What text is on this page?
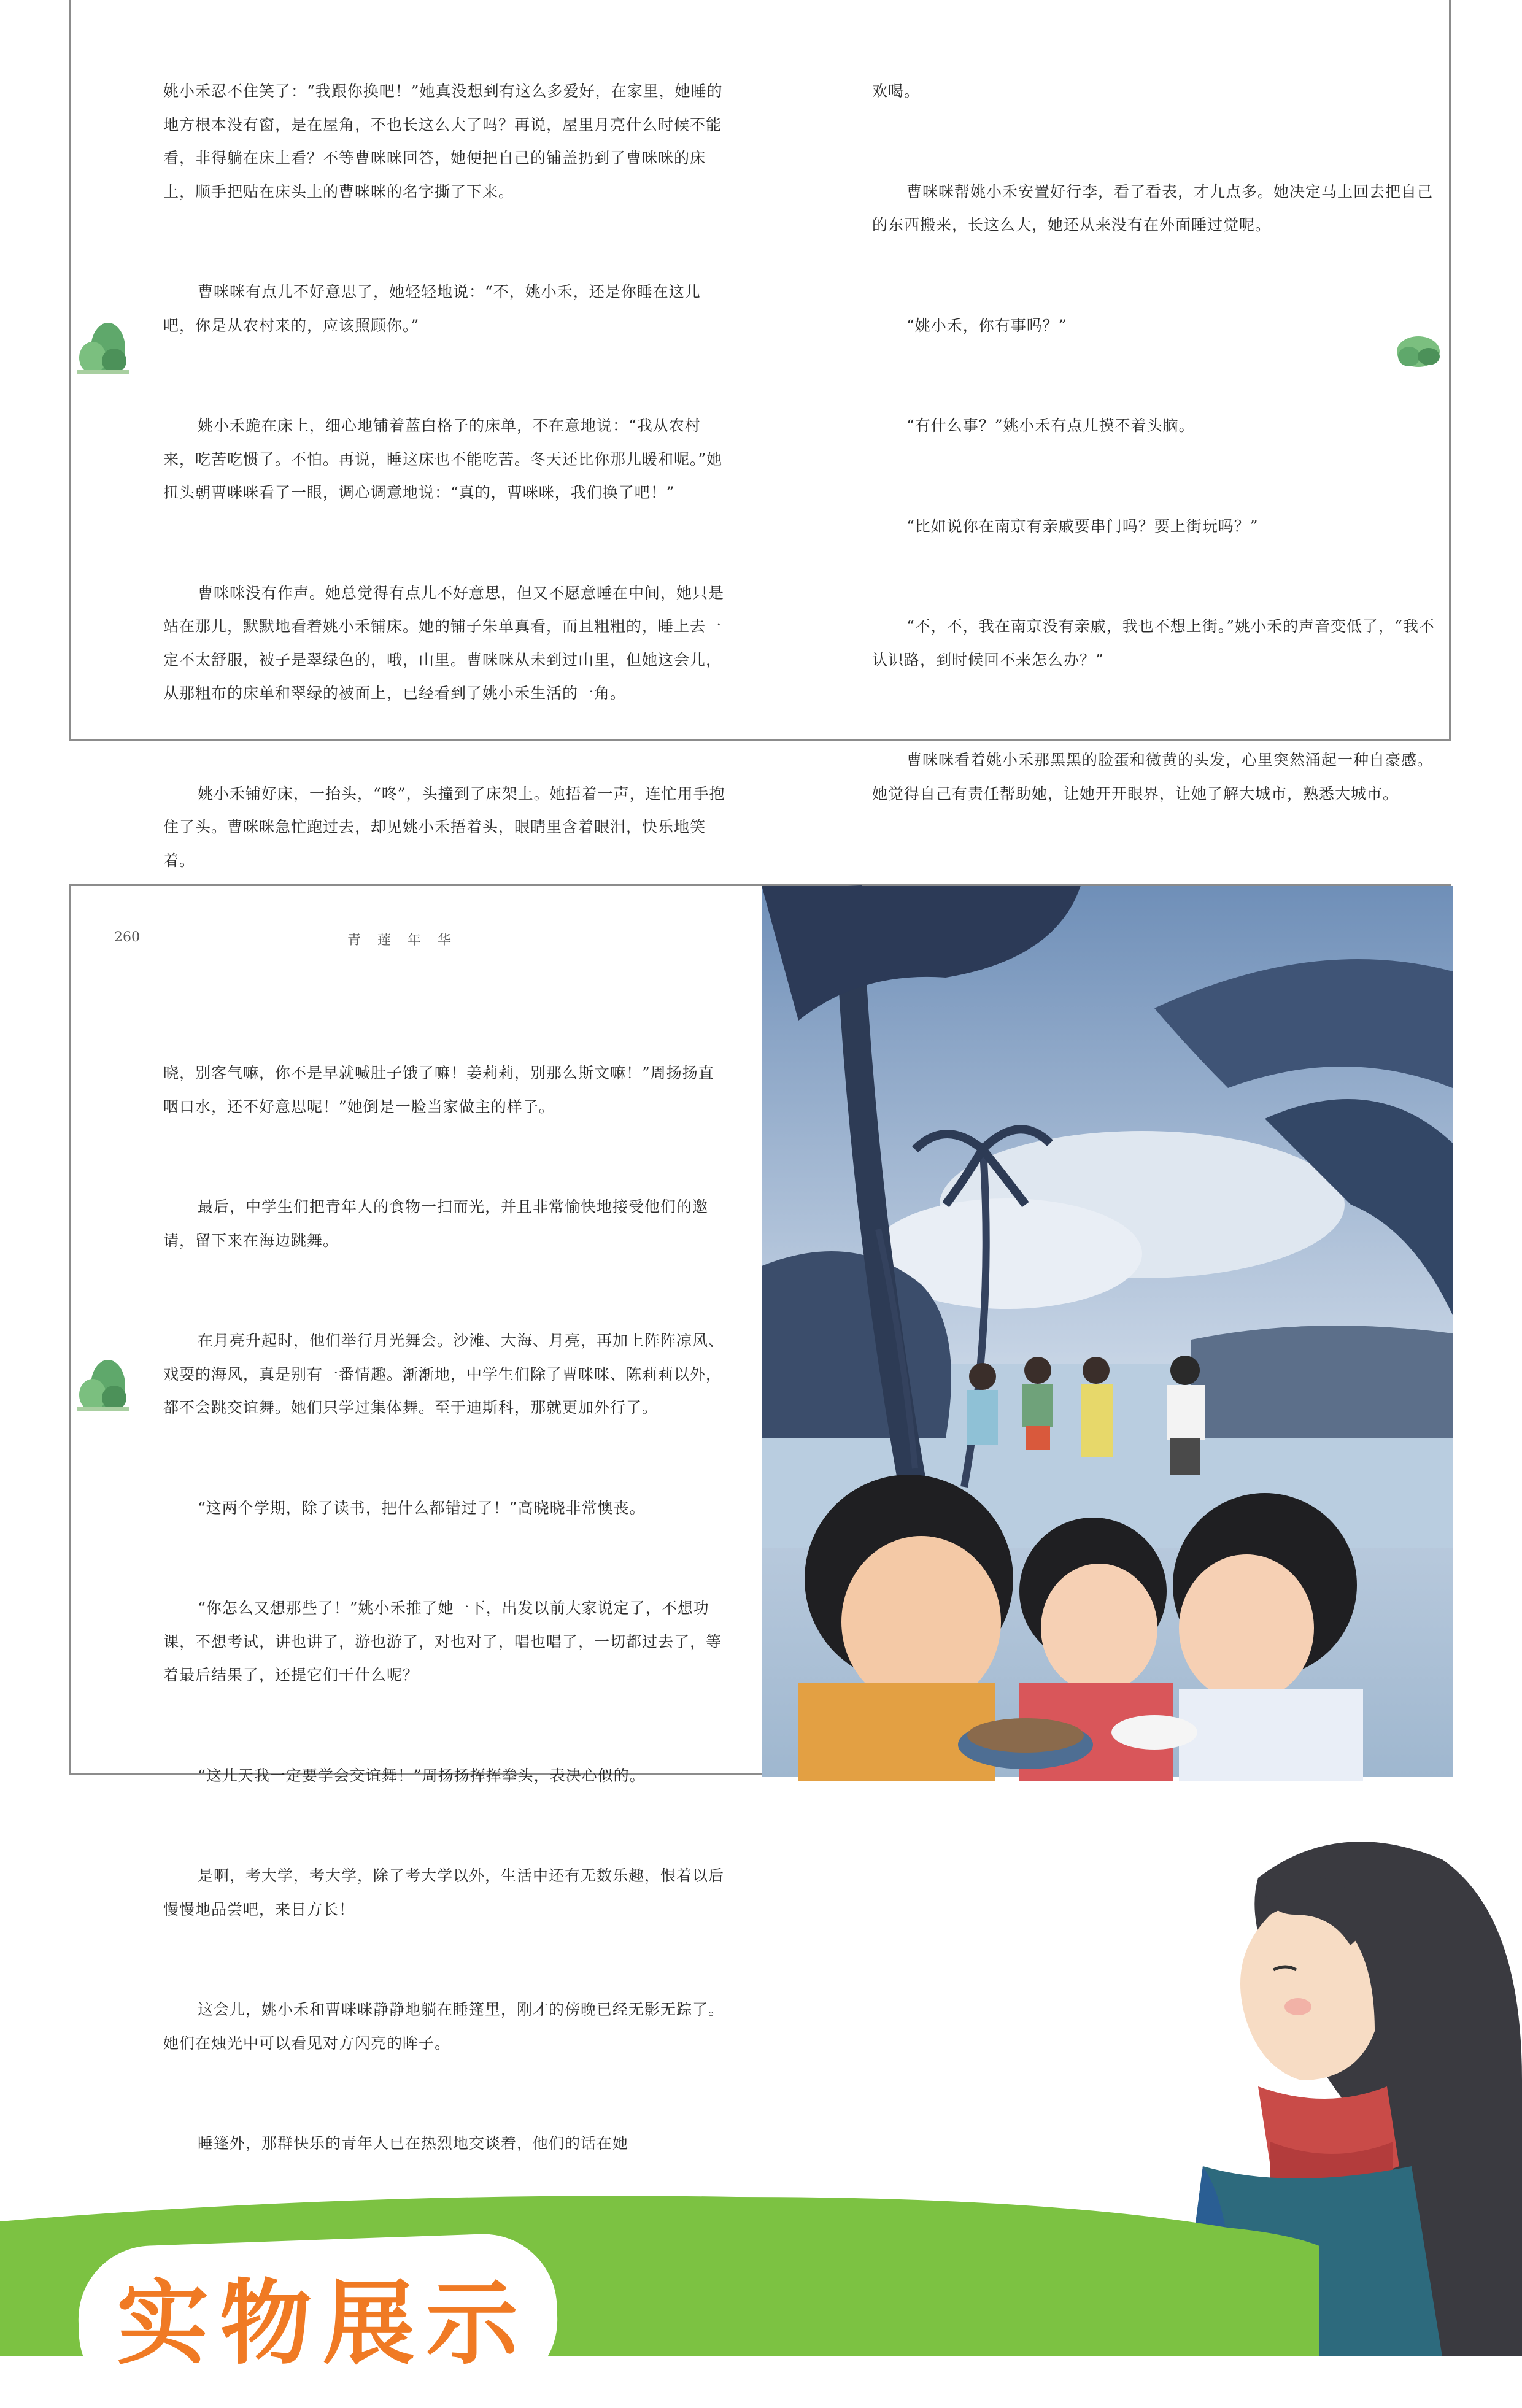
姚小禾忍不住笑了：“我跟你换吧！”她真没想到有这么多爱好，在家里，她睡的地方根本没有窗，是在屋角，不也长这么大了吗？再说，屋里月亮什么时候不能看，非得躺在床上看？不等曹咪咪回答，她便把自己的铺盖扔到了曹咪咪的床上，顺手把贴在床头上的曹咪咪的名字撕了下来。

曹咪咪有点儿不好意思了，她轻轻地说：“不，姚小禾，还是你睡在这儿吧，你是从农村来的，应该照顾你。”

姚小禾跪在床上，细心地铺着蓝白格子的床单，不在意地说：“我从农村来，吃苦吃惯了。不怕。再说，睡这床也不能吃苦。冬天还比你那儿暖和呢。”她扭头朝曹咪咪看了一眼，调心调意地说：“真的，曹咪咪，我们换了吧！”

曹咪咪没有作声。她总觉得有点儿不好意思，但又不愿意睡在中间，她只是站在那儿，默默地看着姚小禾铺床。她的铺子朱单真看，而且粗粗的，睡上去一定不太舒服，被子是翠绿色的，哦，山里。曹咪咪从未到过山里，但她这会儿，从那粗布的床单和翠绿的被面上，已经看到了姚小禾生活的一角。

姚小禾铺好床，一抬头，“咚”，头撞到了床架上。她捂着一声，连忙用手抱住了头。曹咪咪急忙跑过去，却见姚小禾捂着头，眼睛里含着眼泪，快乐地笑着。

欢喝。

曹咪咪帮姚小禾安置好行李，看了看表，才九点多。她决定马上回去把自己的东西搬来，长这么大，她还从来没有在外面睡过觉呢。

“姚小禾，你有事吗？”

“有什么事？”姚小禾有点儿摸不着头脑。

“比如说你在南京有亲戚要串门吗？要上街玩吗？”

“不，不，我在南京没有亲戚，我也不想上街。”姚小禾的声音变低了，“我不认识路，到时候回不来怎么办？”

曹咪咪看着姚小禾那黑黑的脸蛋和微黄的头发，心里突然涌起一种自豪感。她觉得自己有责任帮助她，让她开开眼界，让她了解大城市，熟悉大城市。

260	青 莲 年 华

晓，别客气嘛，你不是早就喊肚子饿了嘛！姜莉莉，别那么斯文嘛！”周扬扬直咽口水，还不好意思呢！”她倒是一脸当家做主的样子。

最后，中学生们把青年人的食物一扫而光，并且非常愉快地接受他们的邀请，留下来在海边跳舞。

在月亮升起时，他们举行月光舞会。沙滩、大海、月亮，再加上阵阵凉风、戏耍的海风，真是别有一番情趣。渐渐地，中学生们除了曹咪咪、陈莉莉以外，都不会跳交谊舞。她们只学过集体舞。至于迪斯科，那就更加外行了。

“这两个学期，除了读书，把什么都错过了！”高晓晓非常懊丧。

“你怎么又想那些了！”姚小禾推了她一下，出发以前大家说定了，不想功课，不想考试，讲也讲了，游也游了，对也对了，唱也唱了，一切都过去了，等着最后结果了，还提它们干什么呢？

“这儿天我一定要学会交谊舞！”周扬扬挥挥拳头，表决心似的。

是啊，考大学，考大学，除了考大学以外，生活中还有无数乐趣，恨着以后慢慢地品尝吧，来日方长！

这会儿，姚小禾和曹咪咪静静地躺在睡篷里，刚才的傍晚已经无影无踪了。她们在烛光中可以看见对方闪亮的眸子。

睡篷外，那群快乐的青年人已在热烈地交谈着，他们的话在她

实物展示
